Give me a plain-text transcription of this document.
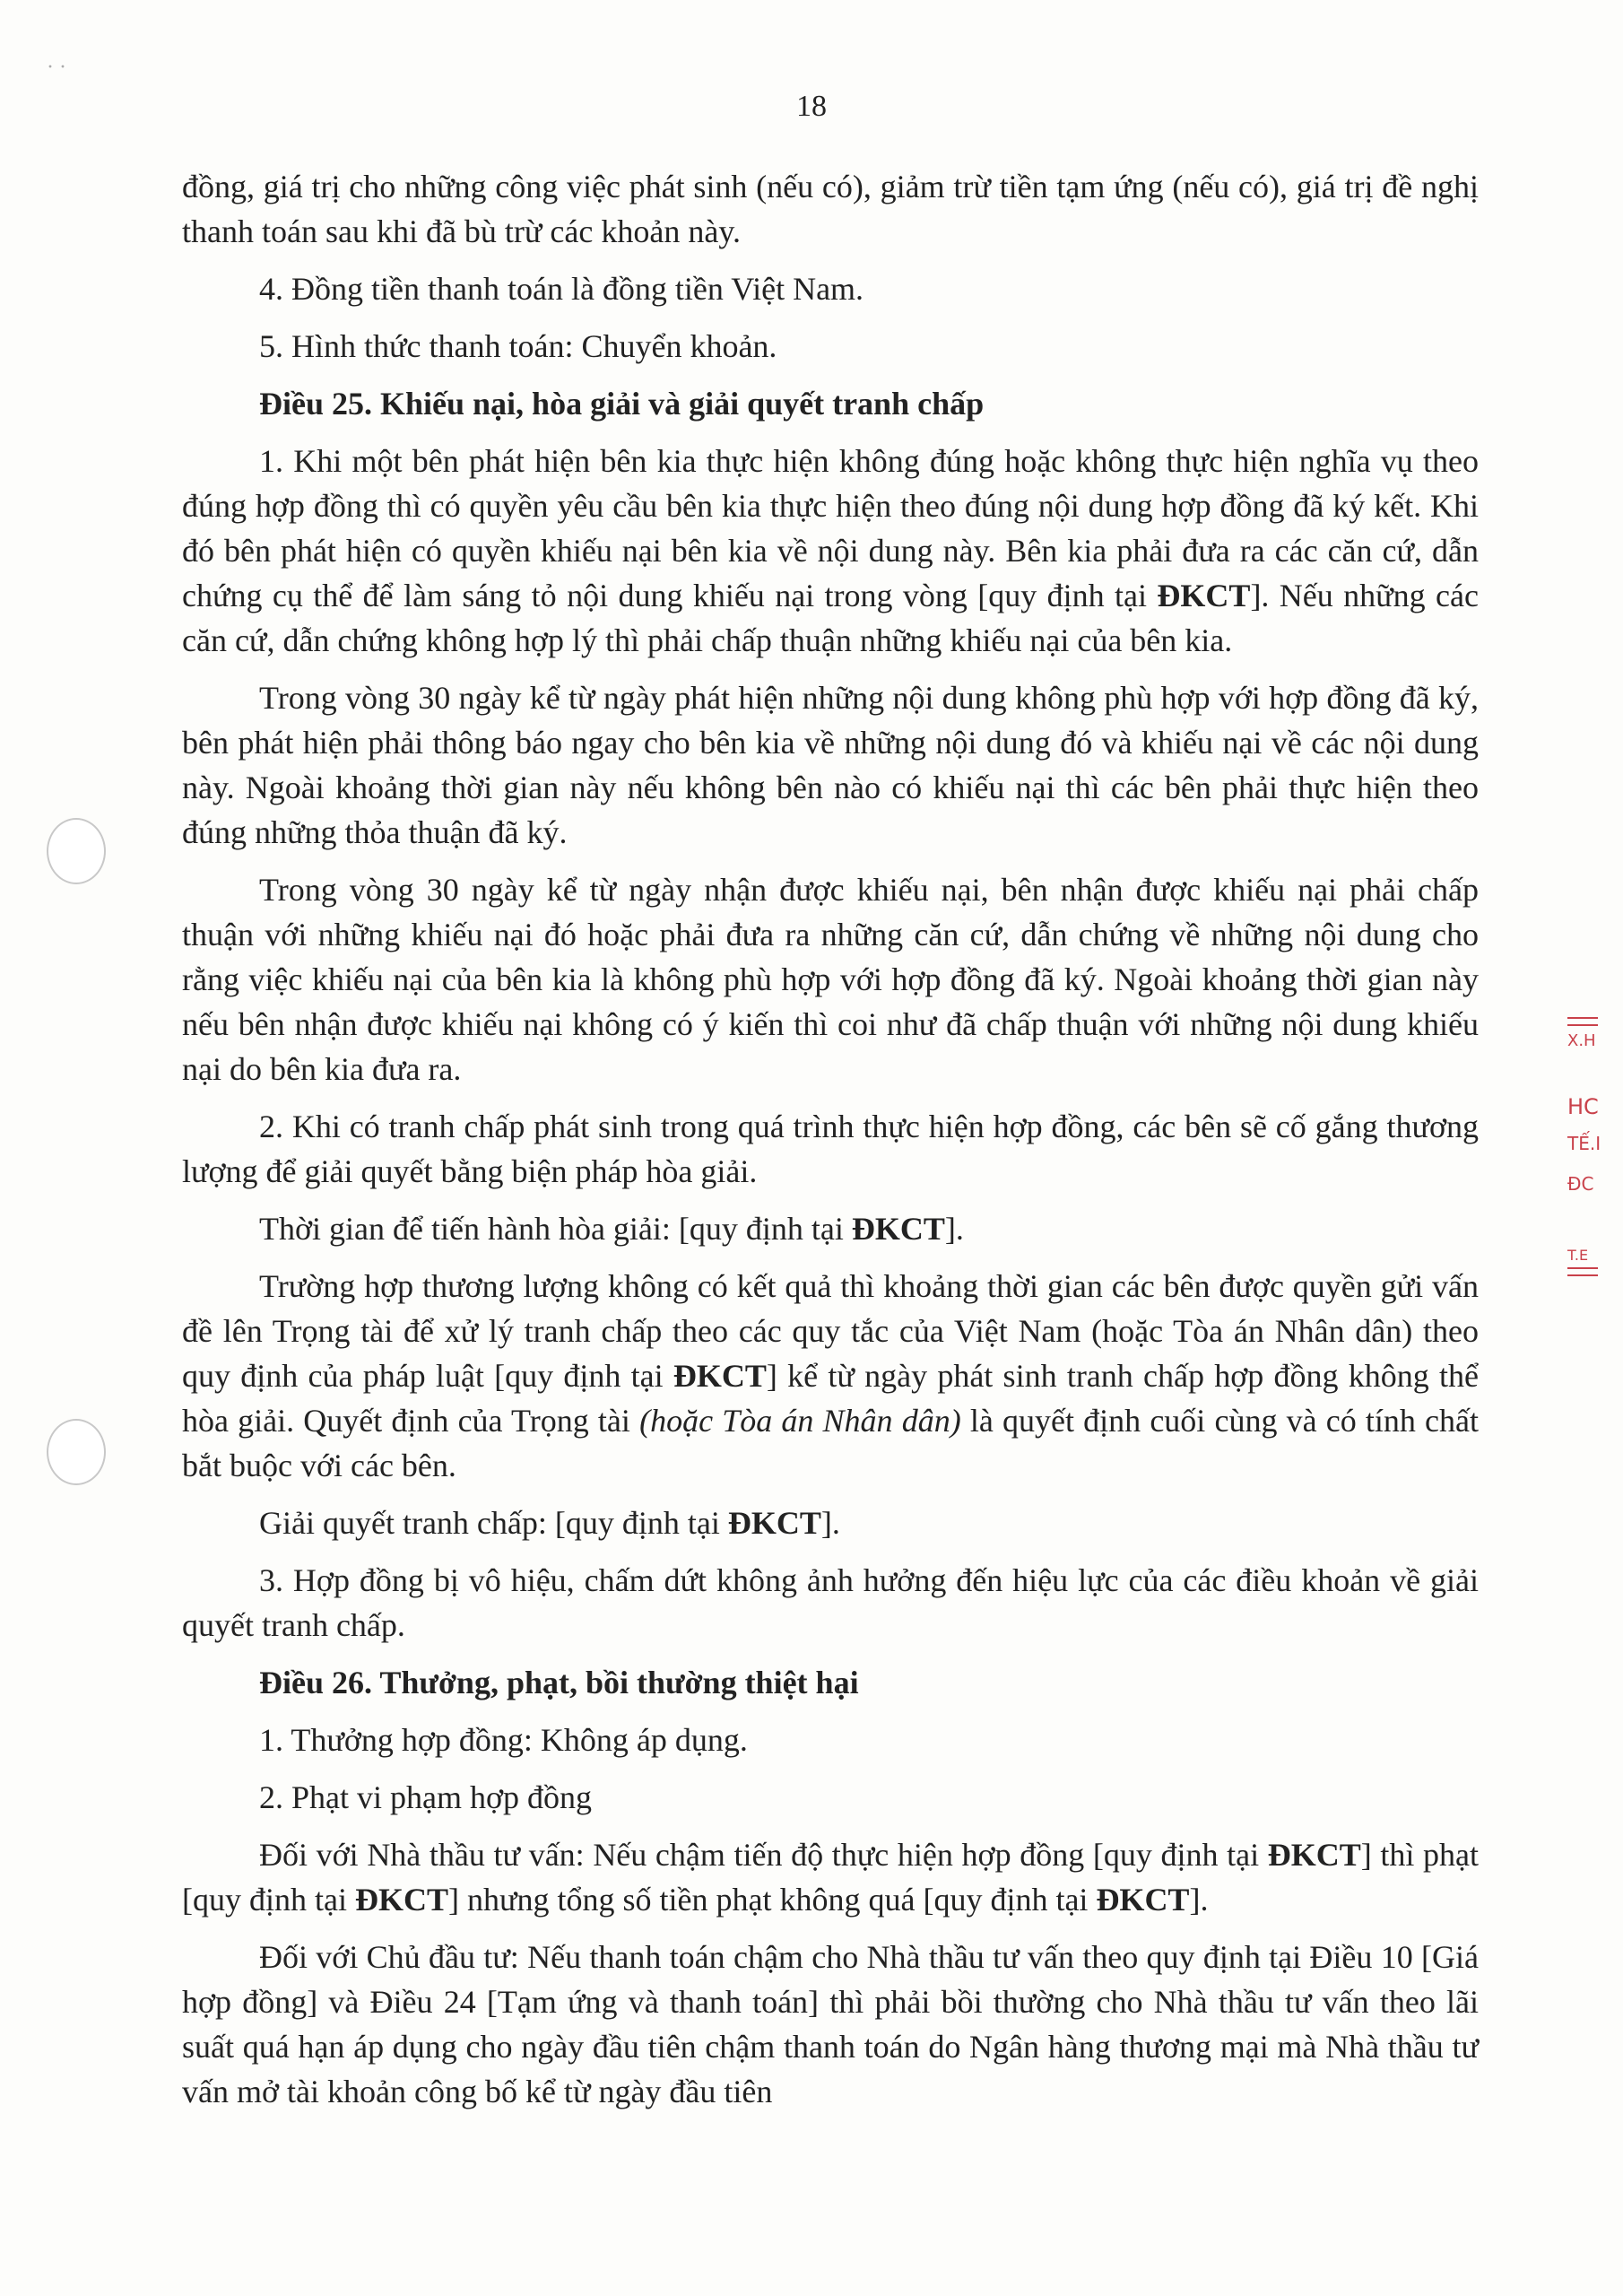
· ·
18

đồng, giá trị cho những công việc phát sinh (nếu có), giảm trừ tiền tạm ứng (nếu có), giá trị đề nghị thanh toán sau khi đã bù trừ các khoản này.

4. Đồng tiền thanh toán là đồng tiền Việt Nam.

5. Hình thức thanh toán: Chuyển khoản.

Điều 25. Khiếu nại, hòa giải và giải quyết tranh chấp

1. Khi một bên phát hiện bên kia thực hiện không đúng hoặc không thực hiện nghĩa vụ theo đúng hợp đồng thì có quyền yêu cầu bên kia thực hiện theo đúng nội dung hợp đồng đã ký kết. Khi đó bên phát hiện có quyền khiếu nại bên kia về nội dung này. Bên kia phải đưa ra các căn cứ, dẫn chứng cụ thể để làm sáng tỏ nội dung khiếu nại trong vòng [quy định tại ĐKCT]. Nếu những các căn cứ, dẫn chứng không hợp lý thì phải chấp thuận những khiếu nại của bên kia.

Trong vòng 30 ngày kể từ ngày phát hiện những nội dung không phù hợp với hợp đồng đã ký, bên phát hiện phải thông báo ngay cho bên kia về những nội dung đó và khiếu nại về các nội dung này. Ngoài khoảng thời gian này nếu không bên nào có khiếu nại thì các bên phải thực hiện theo đúng những thỏa thuận đã ký.

Trong vòng 30 ngày kể từ ngày nhận được khiếu nại, bên nhận được khiếu nại phải chấp thuận với những khiếu nại đó hoặc phải đưa ra những căn cứ, dẫn chứng về những nội dung cho rằng việc khiếu nại của bên kia là không phù hợp với hợp đồng đã ký. Ngoài khoảng thời gian này nếu bên nhận được khiếu nại không có ý kiến thì coi như đã chấp thuận với những nội dung khiếu nại do bên kia đưa ra.

2. Khi có tranh chấp phát sinh trong quá trình thực hiện hợp đồng, các bên sẽ cố gắng thương lượng để giải quyết bằng biện pháp hòa giải.

Thời gian để tiến hành hòa giải: [quy định tại ĐKCT].

Trường hợp thương lượng không có kết quả thì khoảng thời gian các bên được quyền gửi vấn đề lên Trọng tài để xử lý tranh chấp theo các quy tắc của Việt Nam (hoặc Tòa án Nhân dân) theo quy định của pháp luật [quy định tại ĐKCT] kể từ ngày phát sinh tranh chấp hợp đồng không thể hòa giải. Quyết định của Trọng tài (hoặc Tòa án Nhân dân) là quyết định cuối cùng và có tính chất bắt buộc với các bên.

Giải quyết tranh chấp: [quy định tại ĐKCT].

3. Hợp đồng bị vô hiệu, chấm dứt không ảnh hưởng đến hiệu lực của các điều khoản về giải quyết tranh chấp.

Điều 26. Thưởng, phạt, bồi thường thiệt hại

1. Thưởng hợp đồng: Không áp dụng.

2. Phạt vi phạm hợp đồng

Đối với Nhà thầu tư vấn: Nếu chậm tiến độ thực hiện hợp đồng [quy định tại ĐKCT] thì phạt [quy định tại ĐKCT] nhưng tổng số tiền phạt không quá [quy định tại ĐKCT].

Đối với Chủ đầu tư: Nếu thanh toán chậm cho Nhà thầu tư vấn theo quy định tại Điều 10 [Giá hợp đồng] và Điều 24 [Tạm ứng và thanh toán] thì phải bồi thường cho Nhà thầu tư vấn theo lãi suất quá hạn áp dụng cho ngày đầu tiên chậm thanh toán do Ngân hàng thương mại mà Nhà thầu tư vấn mở tài khoản công bố kể từ ngày đầu tiên

X.H
HC
TẾ.I
ĐC
T.E
